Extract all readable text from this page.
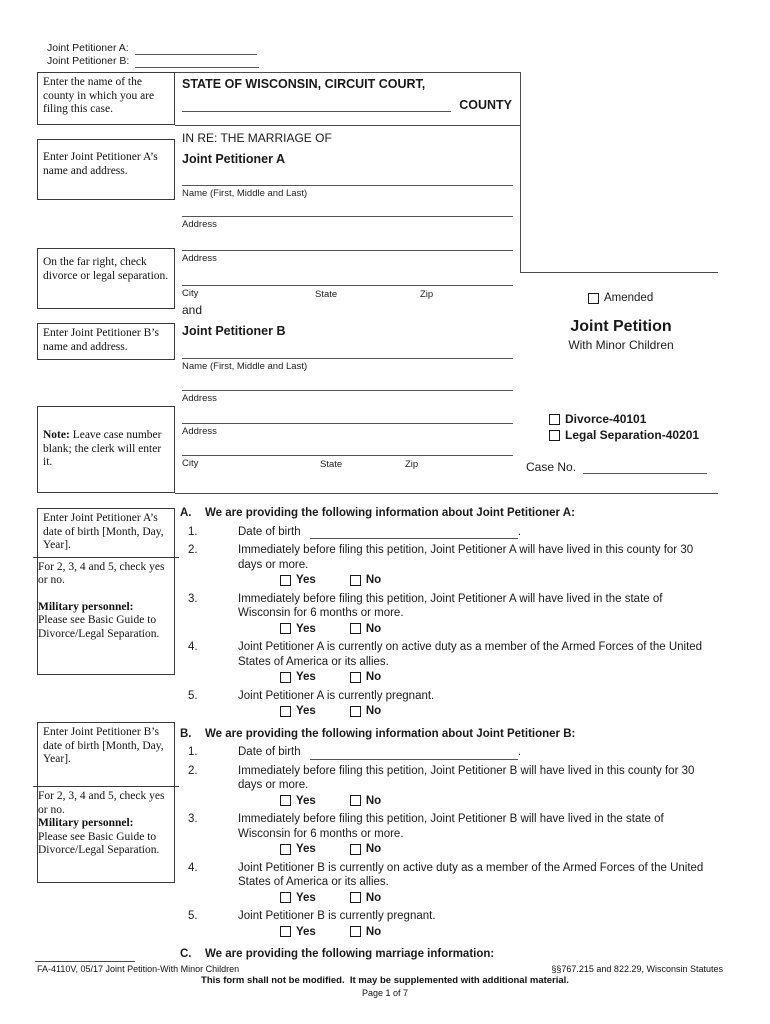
Joint Petitioner A:
Joint Petitioner B:
Enter the name of the county in which you are filing this case.
Enter Joint Petitioner A’s name and address.
On the far right, check divorce or legal separation.
Enter Joint Petitioner B’s name and address.
Note: Leave case number blank; the clerk will enter it.
Enter Joint Petitioner A’s date of birth [Month, Day, Year].
For 2, 3, 4 and 5, check yes or no.
Military personnel:
Please see Basic Guide to Divorce/Legal Separation.
Enter Joint Petitioner B’s date of birth [Month, Day, Year].
For 2, 3, 4 and 5, check yes or no.
Military personnel:
Please see Basic Guide to Divorce/Legal Separation.
STATE OF WISCONSIN, CIRCUIT COURT,
COUNTY
IN RE: THE MARRIAGE OF
Joint Petitioner A
Name (First, Middle and Last)
Address
Address
City	State	Zip
and
Joint Petitioner B
Name (First, Middle and Last)
Address
Address
City	State	Zip
Amended
Joint Petition
With Minor Children
Divorce-40101
Legal Separation-40201
Case No.
A.	We are providing the following information about Joint Petitioner A:
1.	Date of birth	.
2.	Immediately before filing this petition, Joint Petitioner A will have lived in this county for 30 days or more.
Yes	No
3.	Immediately before filing this petition, Joint Petitioner A will have lived in the state of Wisconsin for 6 months or more.
Yes	No
4.	Joint Petitioner A is currently on active duty as a member of the Armed Forces of the United States of America or its allies.
Yes	No
5.	Joint Petitioner A is currently pregnant.
Yes	No
B.	We are providing the following information about Joint Petitioner B:
1.	Date of birth	.
2.	Immediately before filing this petition, Joint Petitioner B will have lived in this county for 30 days or more.
Yes	No
3.	Immediately before filing this petition, Joint Petitioner B will have lived in the state of Wisconsin for 6 months or more.
Yes	No
4.	Joint Petitioner B is currently on active duty as a member of the Armed Forces of the United States of America or its allies.
Yes	No
5.	Joint Petitioner B is currently pregnant.
Yes	No
C.	We are providing the following marriage information:
FA-4110V, 05/17 Joint Petition-With Minor Children	§§767.215 and 822.29, Wisconsin Statutes
This form shall not be modified.  It may be supplemented with additional material.
Page 1 of 7
